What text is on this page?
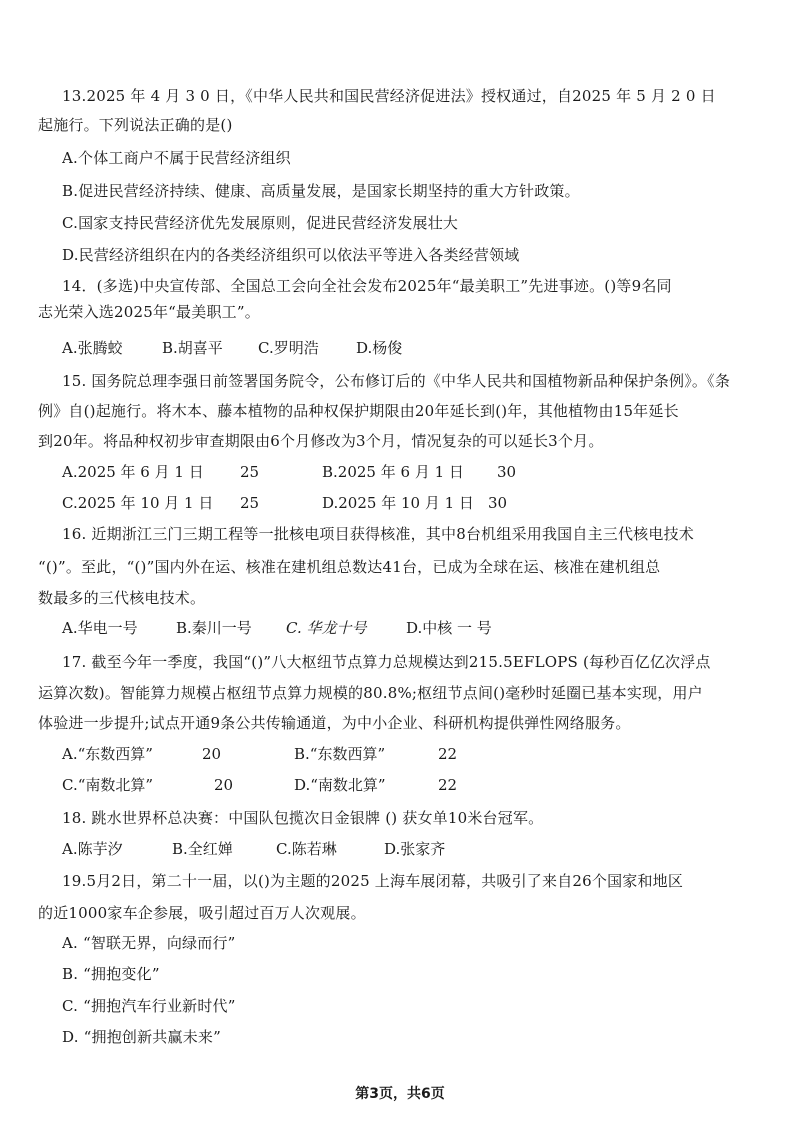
13.2025 年 4 月 3 0 日，《中华人民共和国民营经济促进法》授权通过，自2025 年 5 月 2 0 日
起施行。下列说法正确的是()
A.个体工商户不属于民营经济组织
B.促进民营经济持续、健康、高质量发展，是国家长期坚持的重大方针政策。
C.国家支持民营经济优先发展原则，促进民营经济发展壮大
D.民营经济组织在内的各类经济组织可以依法平等进入各类经营领域
14．(多选)中央宣传部、全国总工会向全社会发布2025年“最美职工”先进事迹。()等9名同
志光荣入选2025年“最美职工”。
A.张腾蛟	B.胡喜平 C.罗明浩 D.杨俊
15. 国务院总理李强日前签署国务院令，公布修订后的《中华人民共和国植物新品种保护条例》。《条
例》自()起施行。将木本、藤本植物的品种权保护期限由20年延长到()年，其他植物由15年延长
到20年。将品种权初步审查期限由6个月修改为3个月，情况复杂的可以延长3个月。
A.2025 年 6 月 1 日 25	B.2025 年 6 月 1 日 30
C.2025 年 10 月 1 日 25	D.2025 年 10 月 1 日 30
16. 近期浙江三门三期工程等一批核电项目获得核准，其中8台机组采用我国自主三代核电技术
“()”。至此，“()”国内外在运、核准在建机组总数达41台，已成为全球在运、核准在建机组总
数最多的三代核电技术。
A.华电一号	B.秦川一号 C. 华龙十号	D.中核 一 号
17. 截至今年一季度，我国“()”八大枢纽节点算力总规模达到215.5EFLOPS (每秒百亿亿次浮点
运算次数)。智能算力规模占枢纽节点算力规模的80.8%;枢纽节点间()毫秒时延圈已基本实现，用户
体验进一步提升;试点开通9条公共传输通道，为中小企业、科研机构提供弹性网络服务。
A.“东数西算”	20	B.“东数西算”	22
C.“南数北算”	20	D.“南数北算”	22
18. 跳水世界杯总决赛：中国队包揽次日金银牌 () 获女单10米台冠军。
A.陈芋汐	B.全红婵	C.陈若琳	D.张家齐
19.5月2日，第二十一届，以()为主题的2025 上海车展闭幕，共吸引了来自26个国家和地区
的近1000家车企参展，吸引超过百万人次观展。
A. “智联无界，向绿而行”
B. “拥抱变化”
C. “拥抱汽车行业新时代”
D. “拥抱创新共赢未来”
第3页，共6页
